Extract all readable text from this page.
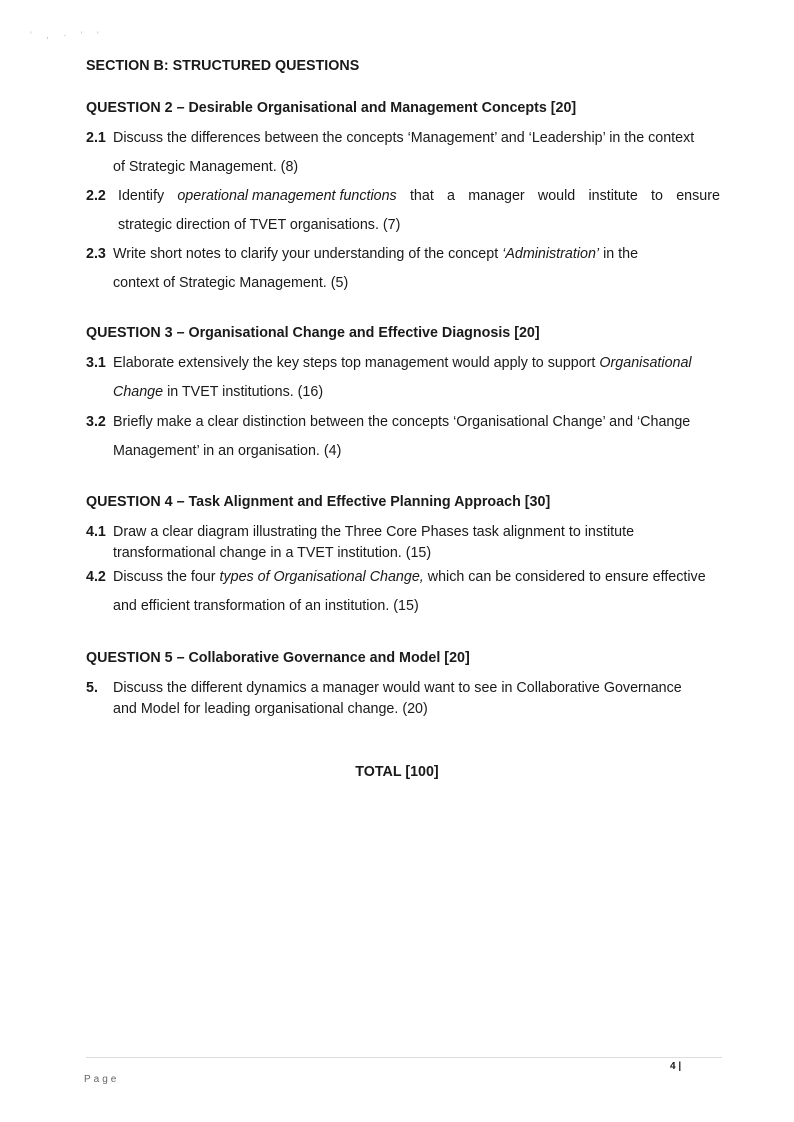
' , · ' '
SECTION B: STRUCTURED QUESTIONS
QUESTION 2 – Desirable Organisational and Management Concepts [20]
2.1 Discuss the differences between the concepts ‘Management’ and ‘Leadership’ in the context
of Strategic Management. (8)
2.2 Identify operational management functions that a manager would institute to ensure
strategic direction of TVET organisations. (7)
2.3 Write short notes to clarify your understanding of the concept ‘Administration’ in the
context of Strategic Management. (5)
QUESTION 3 – Organisational Change and Effective Diagnosis [20]
3.1 Elaborate extensively the key steps top management would apply to support Organisational
Change in TVET institutions. (16)
3.2 Briefly make a clear distinction between the concepts ‘Organisational Change’ and ‘Change
Management’ in an organisation. (4)
QUESTION 4 – Task Alignment and Effective Planning Approach [30]
4.1 Draw a clear diagram illustrating the Three Core Phases task alignment to institute
transformational change in a TVET institution. (15)
4.2 Discuss the four types of Organisational Change, which can be considered to ensure effective
and efficient transformation of an institution. (15)
QUESTION 5 – Collaborative Governance and Model [20]
5. Discuss the different dynamics a manager would want to see in Collaborative Governance
and Model for leading organisational change. (20)
TOTAL [100]
4 |
Page
